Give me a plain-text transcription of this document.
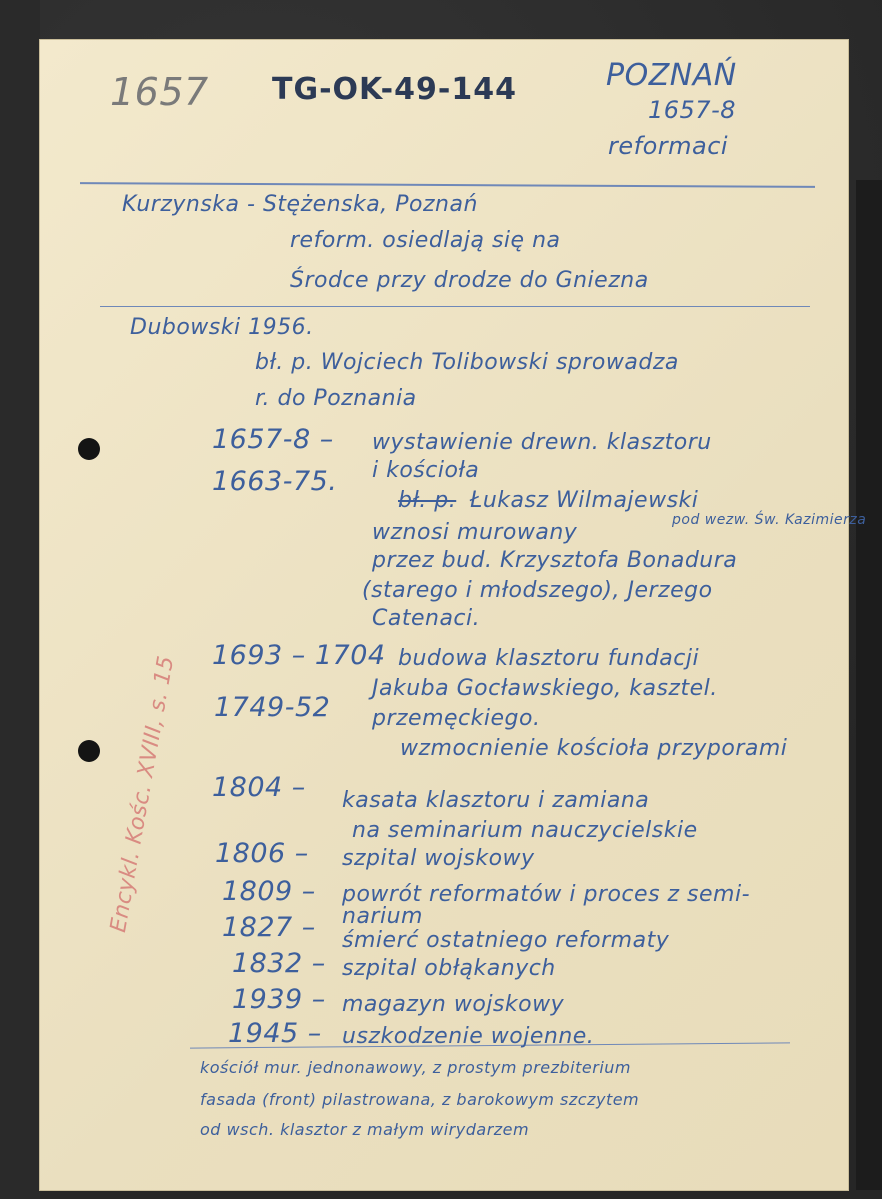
1657 TG-OK-49-144	POZNAŃ
1657-8
reformaci
Kurzynska - Stężenska, Poznań
reform. osiedlają się na
Środce przy drodze do Gniezna
Dubowski 1956.
bł. p. Wojciech Tolibowski sprowadza
r. do Poznania
1657-8 – wystawienie drewn. klasztoru
1663-75. i kościoła
bł. p. Łukasz Wilmajewski
pod wezw. Św. Kazimierza
wznosi murowany
przez bud. Krzysztofa Bonadura
(starego i młodszego), Jerzego
Catenaci.
1693 – 1704 budowa klasztoru fundacji
Jakuba Gocławskiego, kasztel.
1749-52 przemęckiego.
wzmocnienie kościoła przyporami
1804 – kasata klasztoru i zamiana
na seminarium nauczycielskie
1806 – szpital wojskowy
1809 – powrót reformatów i proces z semi-
narium
1827 – śmierć ostatniego reformaty
1832 – szpital obłąkanych
1939 – magazyn wojskowy
1945 – uszkodzenie wojenne.
kościół mur. jednonawowy, z prostym prezbiterium
fasada (front) pilastrowana, z barokowym szczytem
od wsch. klasztor z małym wirydarzem
Encykl. Kośc. XVIII, s. 15
